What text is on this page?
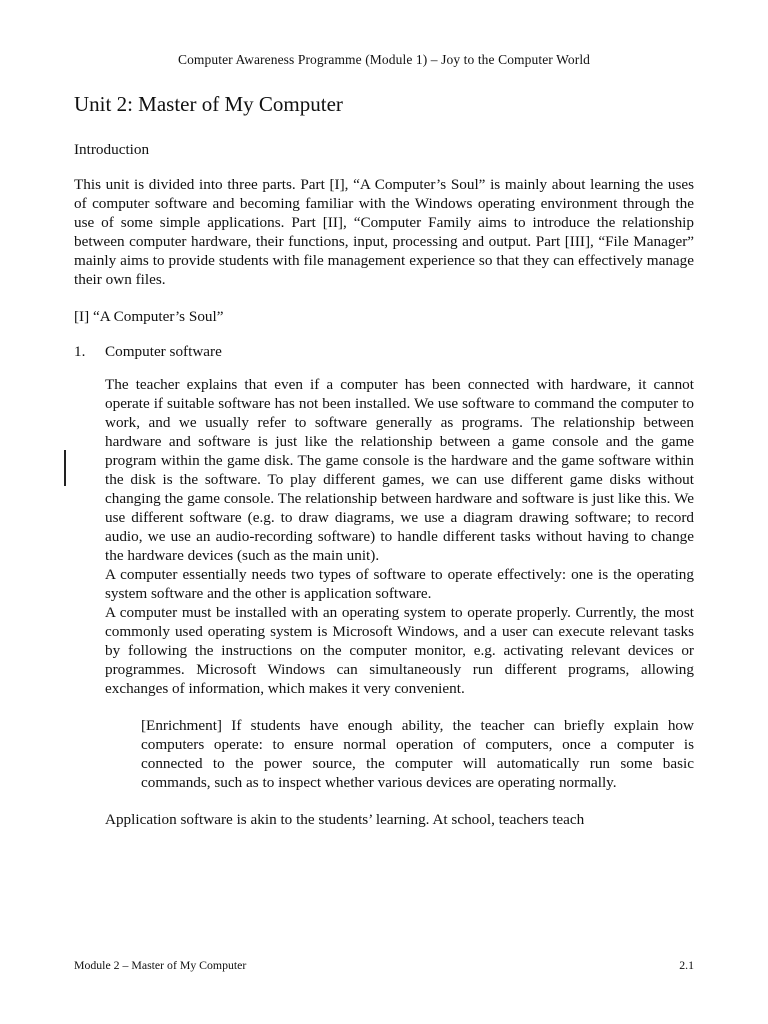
Computer Awareness Programme (Module 1) – Joy to the Computer World
Unit 2: Master of My Computer
Introduction

This unit is divided into three parts. Part [I], “A Computer’s Soul” is mainly about learning the uses of computer software and becoming familiar with the Windows operating environment through the use of some simple applications. Part [II], “Computer Family aims to introduce the relationship between computer hardware, their functions, input, processing and output. Part [III], “File Manager” mainly aims to provide students with file management experience so that they can effectively manage their own files.

[I] “A Computer’s Soul”
1.	Computer software

The teacher explains that even if a computer has been connected with hardware, it cannot operate if suitable software has not been installed. We use software to command the computer to work, and we usually refer to software generally as programs. The relationship between hardware and software is just like the relationship between a game console and the game program within the game disk. The game console is the hardware and the game software within the disk is the software. To play different games, we can use different game disks without changing the game console. The relationship between hardware and software is just like this. We use different software (e.g. to draw diagrams, we use a diagram drawing software; to record audio, we use an audio-recording software) to handle different tasks without having to change the hardware devices (such as the main unit).

A computer essentially needs two types of software to operate effectively: one is the operating system software and the other is application software.

A computer must be installed with an operating system to operate properly. Currently, the most commonly used operating system is Microsoft Windows, and a user can execute relevant tasks by following the instructions on the computer monitor, e.g. activating relevant devices or programmes. Microsoft Windows can simultaneously run different programs, allowing exchanges of information, which makes it very convenient.

[Enrichment] If students have enough ability, the teacher can briefly explain how computers operate: to ensure normal operation of computers, once a computer is connected to the power source, the computer will automatically run some basic commands, such as to inspect whether various devices are operating normally.

Application software is akin to the students’ learning. At school, teachers teach

Module 2 – Master of My Computer	2.1
